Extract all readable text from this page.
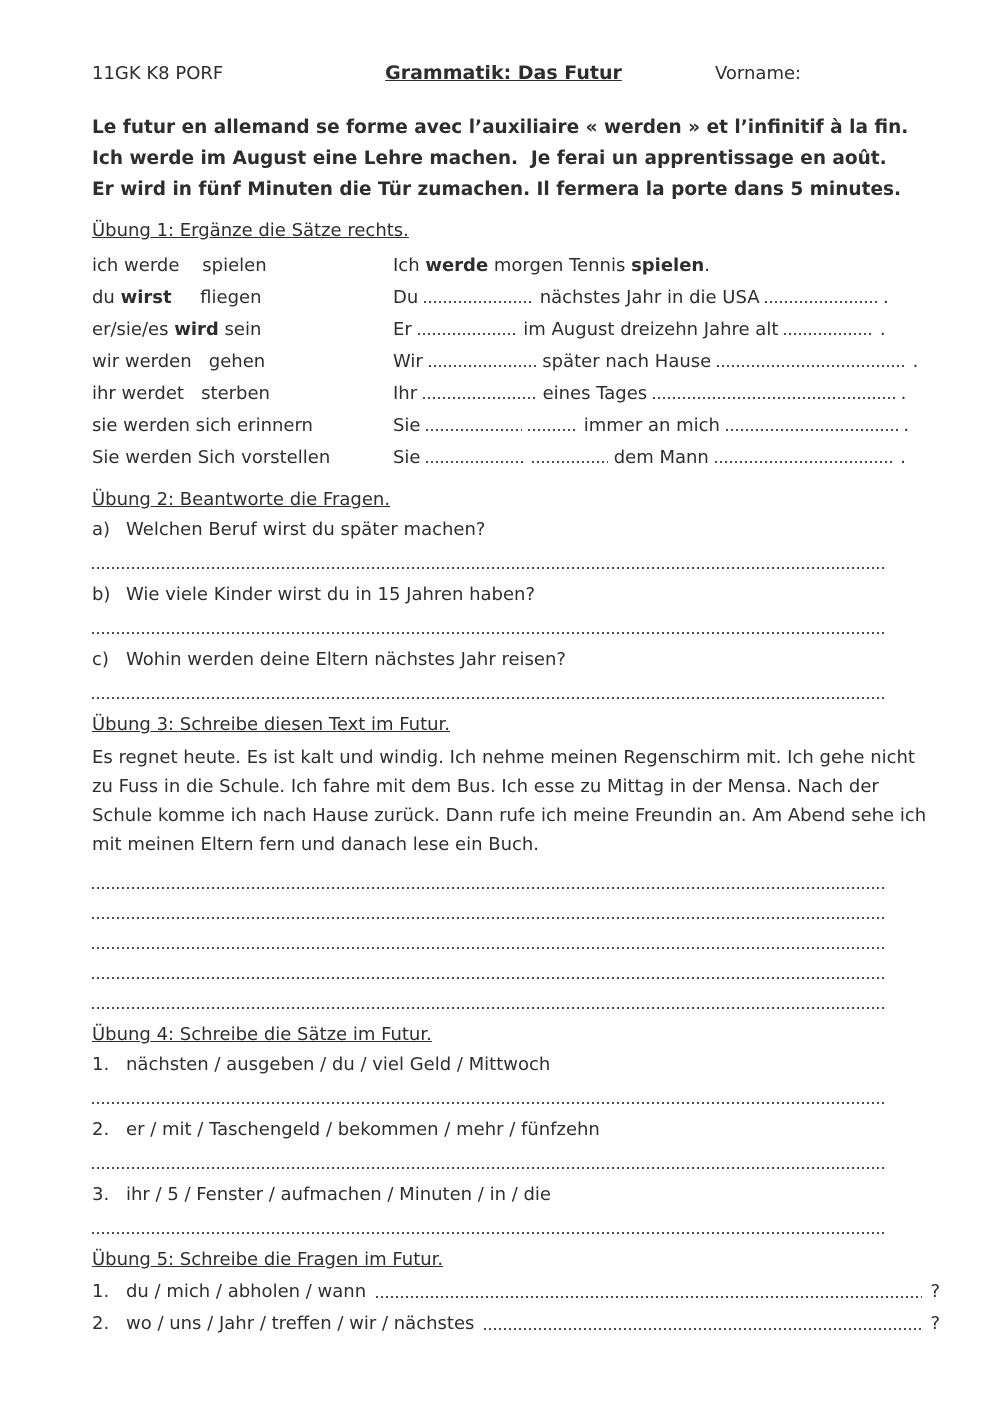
11GK K8 PORF	Grammatik: Das Futur	Vorname:

Le futur en allemand se forme avec l’auxiliaire « werden » et l’infinitif à la fin.

Ich werde im August eine Lehre machen.  Je ferai un apprentissage en août.

Er wird in fünf Minuten die Tür zumachen. Il fermera la porte dans 5 minutes.

Übung 1: Ergänze die Sätze rechts.
ich werde    spielen	Ich werde morgen Tennis spielen.
du wirst     fliegen	Du	nächstes Jahr in die USA	.
er/sie/es wird sein	Er	im August dreizehn Jahre alt	.
wir werden   gehen	Wir	später nach Hause	.
ihr werdet   sterben	Ihr	eines Tages	.
sie werden sich erinnern	Sie	immer an mich	.
Sie werden Sich vorstellen	Sie	dem Mann	.
Übung 2: Beantworte die Fragen.
a) Welchen Beruf wirst du später machen?
b) Wie viele Kinder wirst du in 15 Jahren haben?
c) Wohin werden deine Eltern nächstes Jahr reisen?
Übung 3: Schreibe diesen Text im Futur.

Es regnet heute. Es ist kalt und windig. Ich nehme meinen Regenschirm mit. Ich gehe nicht zu Fuss in die Schule. Ich fahre mit dem Bus. Ich esse zu Mittag in der Mensa. Nach der Schule komme ich nach Hause zurück. Dann rufe ich meine Freundin an. Am Abend sehe ich mit meinen Eltern fern und danach lese ein Buch.

Übung 4: Schreibe die Sätze im Futur.
1. nächsten / ausgeben / du / viel Geld / Mittwoch
2. er / mit / Taschengeld / bekommen / mehr / fünfzehn
3. ihr / 5 / Fenster / aufmachen / Minuten / in / die
Übung 5: Schreibe die Fragen im Futur.
1. du / mich / abholen / wann	?
2. wo / uns / Jahr / treffen / wir / nächstes	?
